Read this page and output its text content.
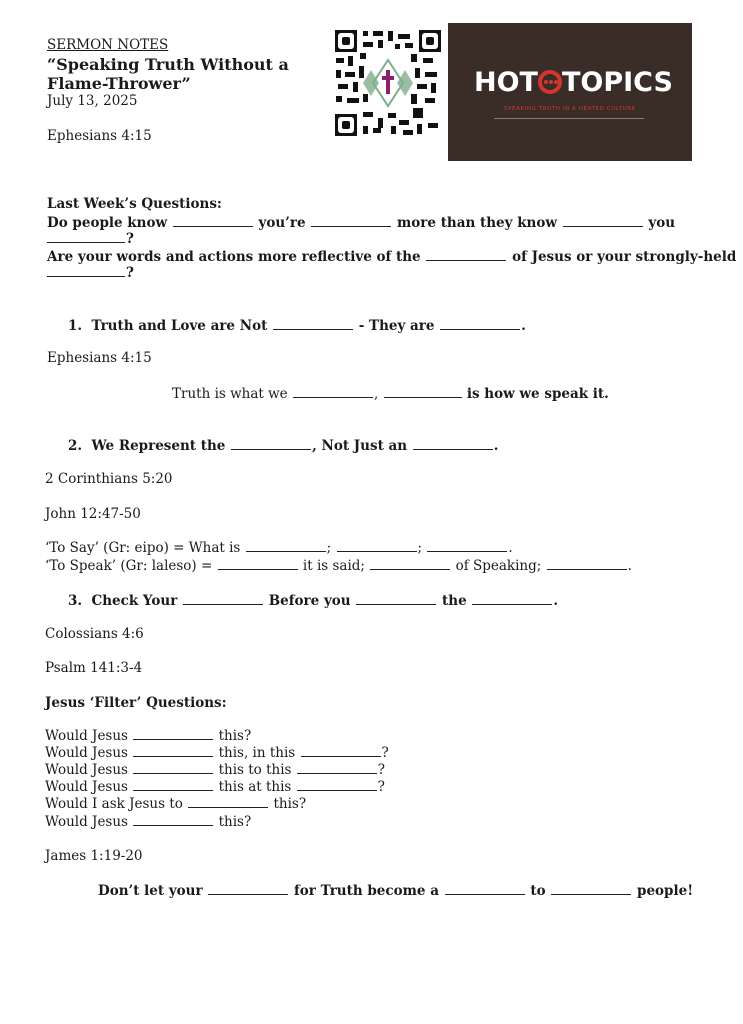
SERMON NOTES
“Speaking Truth Without a
Flame-Thrower”
July 13, 2025
Ephesians 4:15
HOT TOPICS
SPEAKING TRUTH IN A HEATED CULTURE
Last Week’s Questions:
Do people know	you’re	more than they know	you
?
Are your words and actions more reflective of the	of Jesus or your strongly-held
?
1. Truth and Love are Not	- They are	.
Ephesians 4:15
Truth is what we	,	is how we speak it.
2. We Represent the	, Not Just an	.
2 Corinthians 5:20
John 12:47-50
‘To Say’ (Gr: eipo) = What is	;	;	.
‘To Speak’ (Gr: laleso) =	it is said;	of Speaking;	.
3. Check Your	Before you	the	.
Colossians 4:6
Psalm 141:3-4
Jesus ‘Filter’ Questions:
Would Jesus	this?
Would Jesus	this, in this	?
Would Jesus	this to this	?
Would Jesus	this at this	?
Would I ask Jesus to	this?
Would Jesus	this?
James 1:19-20
Don’t let your	for Truth become a	to	people!
